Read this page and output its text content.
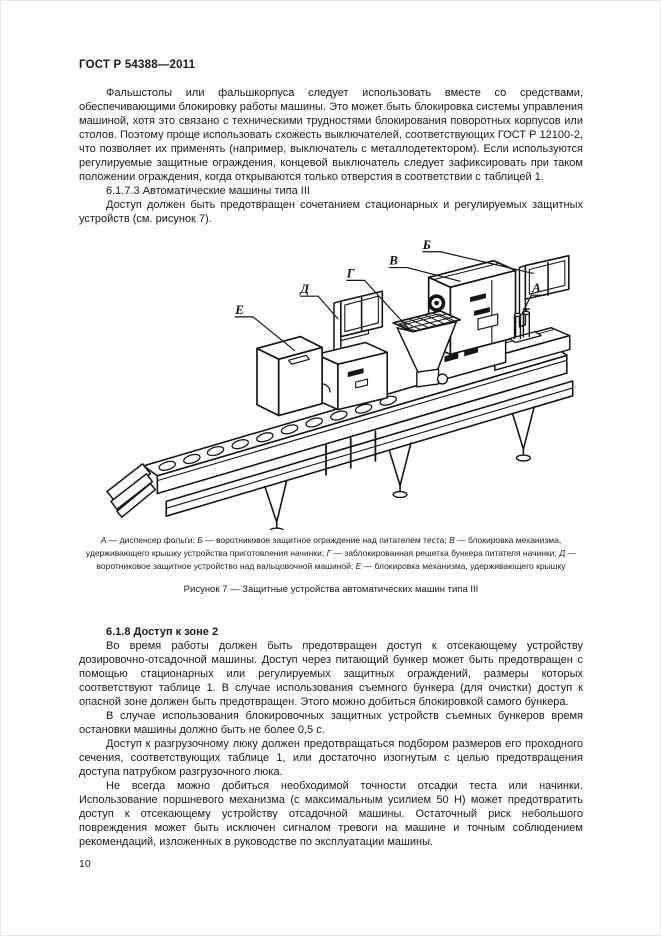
ГОСТ Р 54388—2011

Фальшстолы или фальшкорпуса следует использовать вместе со средствами, обеспечивающими блокировку работы машины. Это может быть блокировка системы управления машиной, хотя это связано с техническими трудностями блокирования поворотных корпусов или столов. Поэтому проще использовать схожесть выключателей, соответствующих ГОСТ Р 12100-2, что позволяет их применять (например, выключатель с металлодетектором). Если используются регулируемые защитные ограждения, концевой выключатель следует зафиксировать при таком положении ограждения, когда открываются только отверстия в соответствии с таблицей 1.

6.1.7.3 Автоматические машины типа III

Доступ должен быть предотвращен сочетанием стационарных и регулируемых защитных устройств (см. рисунок 7).

Е
Д
Г
В
Б
А
А — диспенсер фольги; Б — воротниковое защитное ограждение над питателем теста; В — блокировка механизма, удерживающего крышку устройства приготовления начинки; Г — заблокированная решетка бункера питателя начинки; Д — воротниковое защитное устройство над вальцовочной машиной; Е — блокировка механизма, удерживающего крышку
Рисунок 7 — Защитные устройства автоматических машин типа III

6.1.8 Доступ к зоне 2

Во время работы должен быть предотвращен доступ к отсекающему устройству дозировочно-отсадочной машины. Доступ через питающий бункер может быть предотвращен с помощью стационарных или регулируемых защитных ограждений, размеры которых соответствуют таблице 1. В случае использования съемного бункера (для очистки) доступ к опасной зоне должен быть предотвращен. Этого можно добиться блокировкой самого бункера.

В случае использования блокировочных защитных устройств съемных бункеров время остановки машины должно быть не более 0,5 с.

Доступ к разгрузочному люку должен предотвращаться подбором размеров его проходного сечения, соответствующих таблице 1, или достаточно изогнутым с целью предотвращения доступа патрубком разгрузочного люка.

Не всегда можно добиться необходимой точности отсадки теста или начинки. Использование поршневого механизма (с максимальным усилием 50 Н) может предотвратить доступ к отсекающему устройству отсадочной машины. Остаточный риск небольшого повреждения может быть исключен сигналом тревоги на машине и точным соблюдением рекомендаций, изложенных в руководстве по эксплуатации машины.

10
